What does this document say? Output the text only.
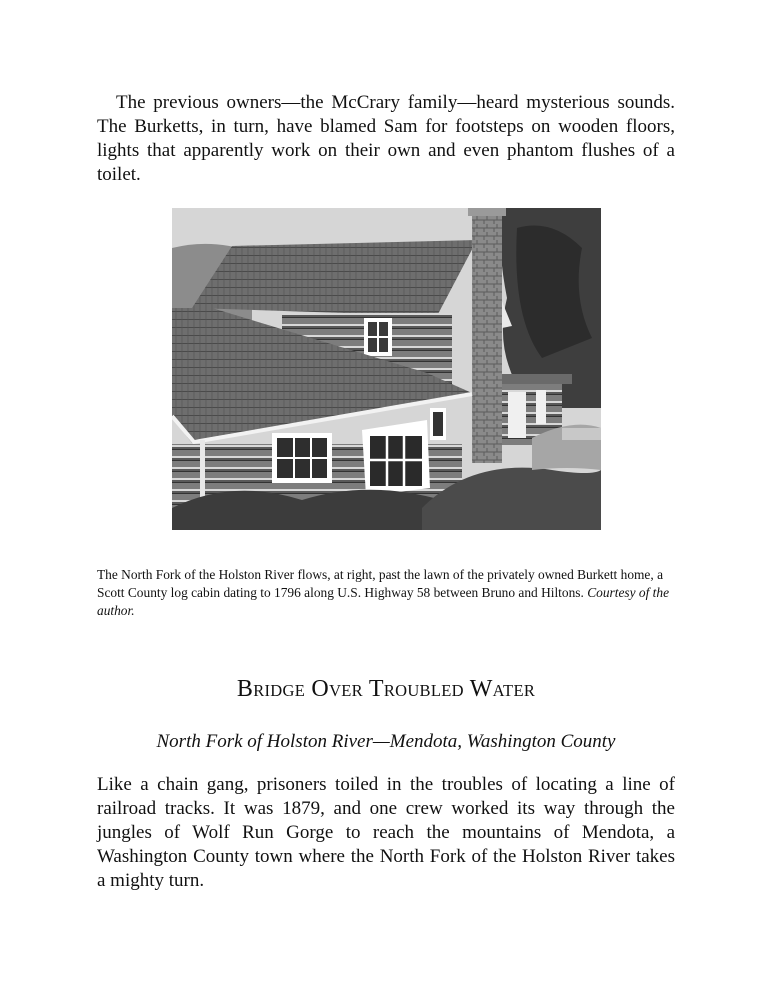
The previous owners—the McCrary family—heard mysterious sounds. The Burketts, in turn, have blamed Sam for footsteps on wooden floors, lights that apparently work on their own and even phantom flushes of a toilet.

The North Fork of the Holston River flows, at right, past the lawn of the privately owned Burkett home, a Scott County log cabin dating to 1796 along U.S. Highway 58 between Bruno and Hiltons. Courtesy of the author.

BRIDGE OVER TROUBLED WATER

North Fork of Holston River—Mendota, Washington County

Like a chain gang, prisoners toiled in the troubles of locating a line of railroad tracks. It was 1879, and one crew worked its way through the jungles of Wolf Run Gorge to reach the mountains of Mendota, a Washington County town where the North Fork of the Holston River takes a mighty turn.
